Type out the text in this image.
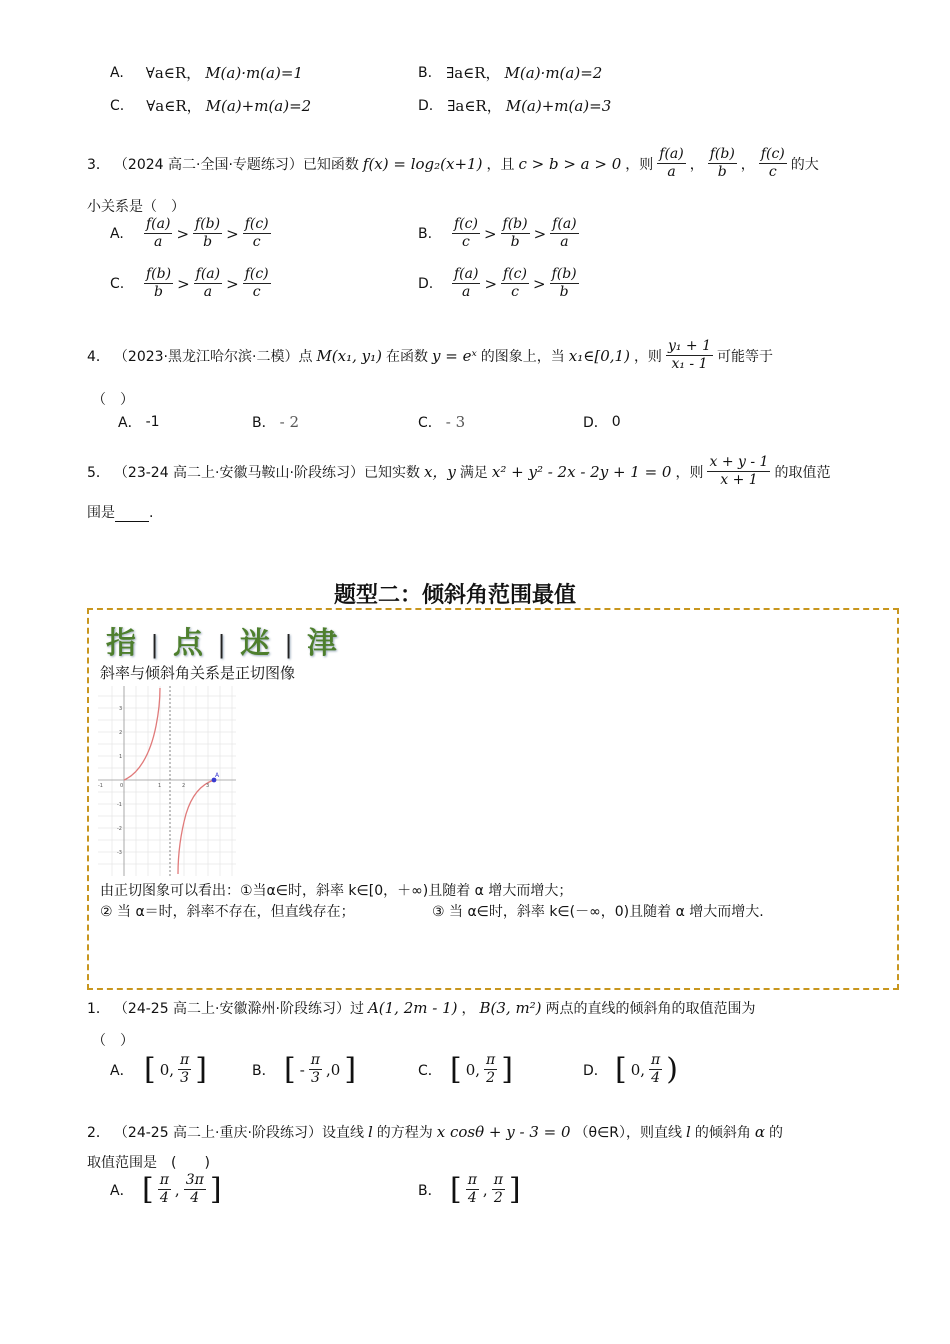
A. ∀a∈R， M(a)·m(a)=1	B. ∃a∈R， M(a)·m(a)=2
C. ∀a∈R， M(a)+m(a)=2	D. ∃a∈R， M(a)+m(a)=3
3． （2024 高二·全国·专题练习）已知函数 f(x) = log₂(x+1) ，且 c > b > a > 0 ，则 $\frac{f(a)}{a}$ ， $\frac{f(b)}{b}$ ， $\frac{f(c)}{c}$ 的大
小关系是（　）
A.	$\frac{f(a)}{a} > \frac{f(b)}{b} > \frac{f(c)}{c}$	B.	$\frac{f(c)}{c} > \frac{f(b)}{b} > \frac{f(a)}{a}$
C.	$\frac{f(b)}{b} > \frac{f(a)}{a} > \frac{f(c)}{c}$	D.	$\frac{f(a)}{a} > \frac{f(c)}{c} > \frac{f(b)}{b}$
4． （2023·黑龙江哈尔滨·二模）点 M(x₁, y₁) 在函数 y = eˣ 的图象上，当 x₁∈[0,1) ，则 $\frac{\text{y₁ + 1}}{\text{x₁ - 1}}$ 可能等于
（　）
A． -1	B． - 2	C． - 3	D． 0
5． （23-24 高二上·安徽马鞍山·阶段练习）已知实数 x，y 满足 x² + y² - 2x - 2y + 1 = 0 ，则 $\frac{x + y - 1}{x + 1}$ 的取值范
围是 .
题型二：倾斜角范围最值
指 | 点 | 迷 | 津
斜率与倾斜角关系是正切图像
A
-1	0	1	2	3
3
2
1
-1
-2
-3
由正切图象可以看出：①当α∈时，斜率 k∈[0，＋∞)且随着 α 增大而增大；
② 当 α＝时，斜率不存在，但直线存在；	③ 当 α∈时，斜率 k∈(－∞，0)且随着 α 增大而增大.
1． （24-25 高二上·安徽滁州·阶段练习）过 A(1, 2m - 1) ， B(3, m²) 两点的直线的倾斜角的取值范围为
（　）
A． [ 0, $\frac{\pi}{3}$ ]	B． [ - $\frac{\pi}{3} ,0$ ]	C． [ 0, $\frac{\pi}{2}$ ]	D． [ 0, $\frac{\pi}{4}$ )
2． （24-25 高二上·重庆·阶段练习）设直线 l 的方程为 x cosθ + y - 3 = 0 （θ∈R），则直线 l 的倾斜角 α 的
取值范围是　(　　)
A． [ $\frac{\pi}{4}$ , $\frac{3\pi}{4}$ ]	B． [ $\frac{\pi}{4}$ , $\frac{\pi}{2}$ ]
